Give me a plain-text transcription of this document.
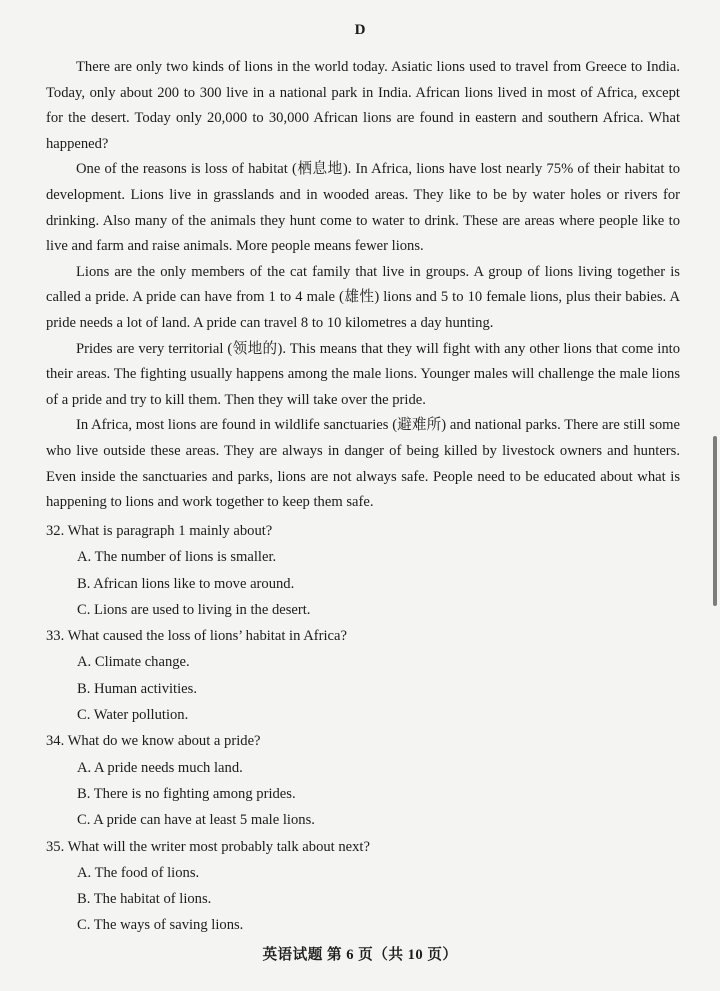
D

There are only two kinds of lions in the world today. Asiatic lions used to travel from Greece to India. Today, only about 200 to 300 live in a national park in India. African lions lived in most of Africa, except for the desert. Today only 20,000 to 30,000 African lions are found in eastern and southern Africa. What happened?

One of the reasons is loss of habitat (栖息地). In Africa, lions have lost nearly 75% of their habitat to development. Lions live in grasslands and in wooded areas. They like to be by water holes or rivers for drinking. Also many of the animals they hunt come to water to drink. These are areas where people like to live and farm and raise animals. More people means fewer lions.

Lions are the only members of the cat family that live in groups. A group of lions living together is called a pride. A pride can have from 1 to 4 male (雄性) lions and 5 to 10 female lions, plus their babies. A pride needs a lot of land. A pride can travel 8 to 10 kilometres a day hunting.

Prides are very territorial (领地的). This means that they will fight with any other lions that come into their areas. The fighting usually happens among the male lions. Younger males will challenge the male lions of a pride and try to kill them. Then they will take over the pride.

In Africa, most lions are found in wildlife sanctuaries (避难所) and national parks. There are still some who live outside these areas. They are always in danger of being killed by livestock owners and hunters. Even inside the sanctuaries and parks, lions are not always safe. People need to be educated about what is happening to lions and work together to keep them safe.

32. What is paragraph 1 mainly about?
A. The number of lions is smaller.
B. African lions like to move around.
C. Lions are used to living in the desert.
33. What caused the loss of lions’ habitat in Africa?
A. Climate change.
B. Human activities.
C. Water pollution.
34. What do we know about a pride?
A. A pride needs much land.
B. There is no fighting among prides.
C. A pride can have at least 5 male lions.
35. What will the writer most probably talk about next?
A. The food of lions.
B. The habitat of lions.
C. The ways of saving lions.
英语试题 第 6 页（共 10 页）
